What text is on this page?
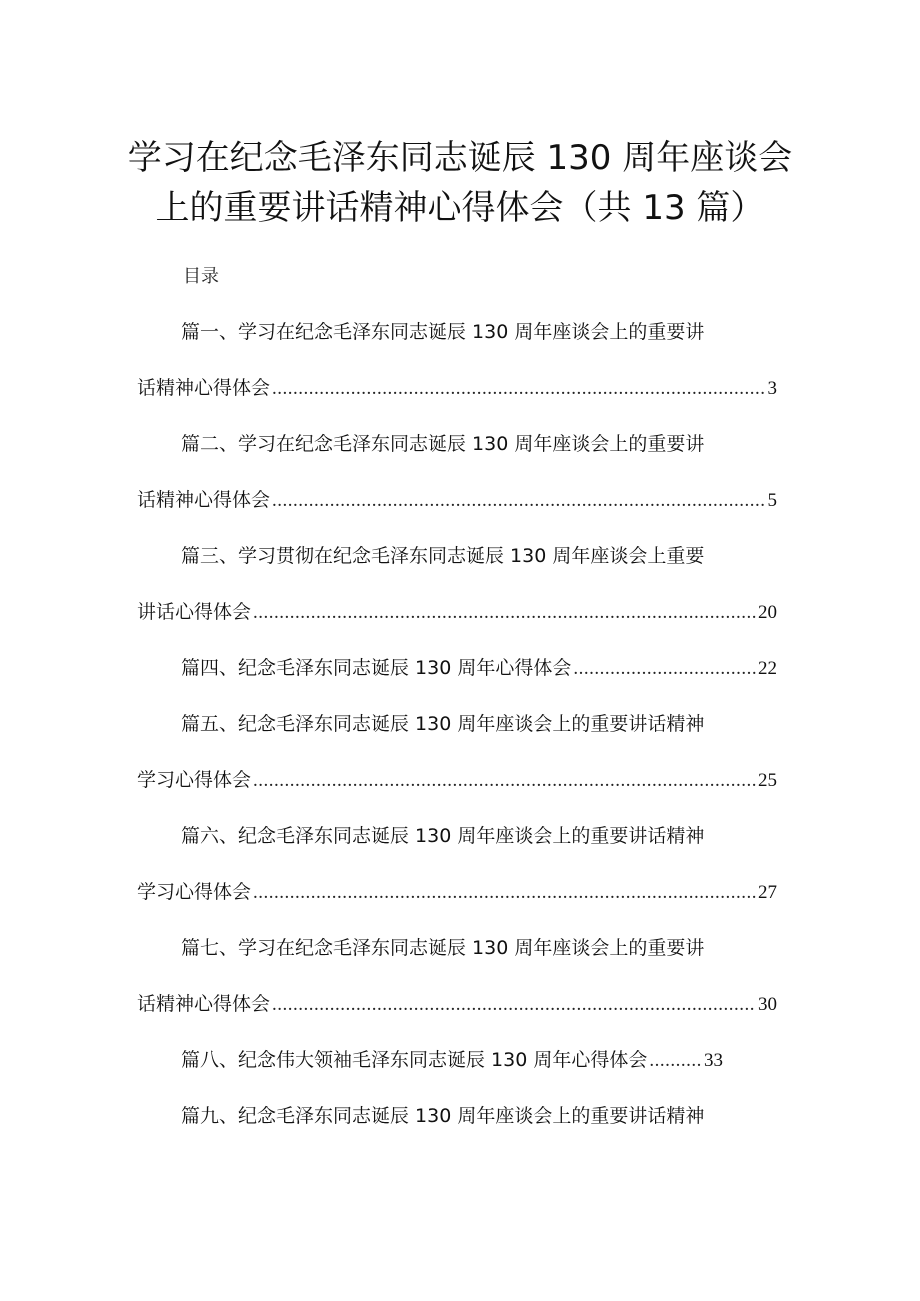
学习在纪念毛泽东同志诞辰 130 周年座谈会
上的重要讲话精神心得体会（共 13 篇）
目录
篇一、学习在纪念毛泽东同志诞辰 130 周年座谈会上的重要讲
话精神心得体会 .....	3
篇二、学习在纪念毛泽东同志诞辰 130 周年座谈会上的重要讲
话精神心得体会 .....	5
篇三、学习贯彻在纪念毛泽东同志诞辰 130 周年座谈会上重要
讲话心得体会 .....	20
篇四、纪念毛泽东同志诞辰 130 周年心得体会 .....	22
篇五、纪念毛泽东同志诞辰 130 周年座谈会上的重要讲话精神
学习心得体会 .....	25
篇六、纪念毛泽东同志诞辰 130 周年座谈会上的重要讲话精神
学习心得体会 .....	27
篇七、学习在纪念毛泽东同志诞辰 130 周年座谈会上的重要讲
话精神心得体会 .....	30
篇八、纪念伟大领袖毛泽东同志诞辰 130 周年心得体会 .....	33
篇九、纪念毛泽东同志诞辰 130 周年座谈会上的重要讲话精神
